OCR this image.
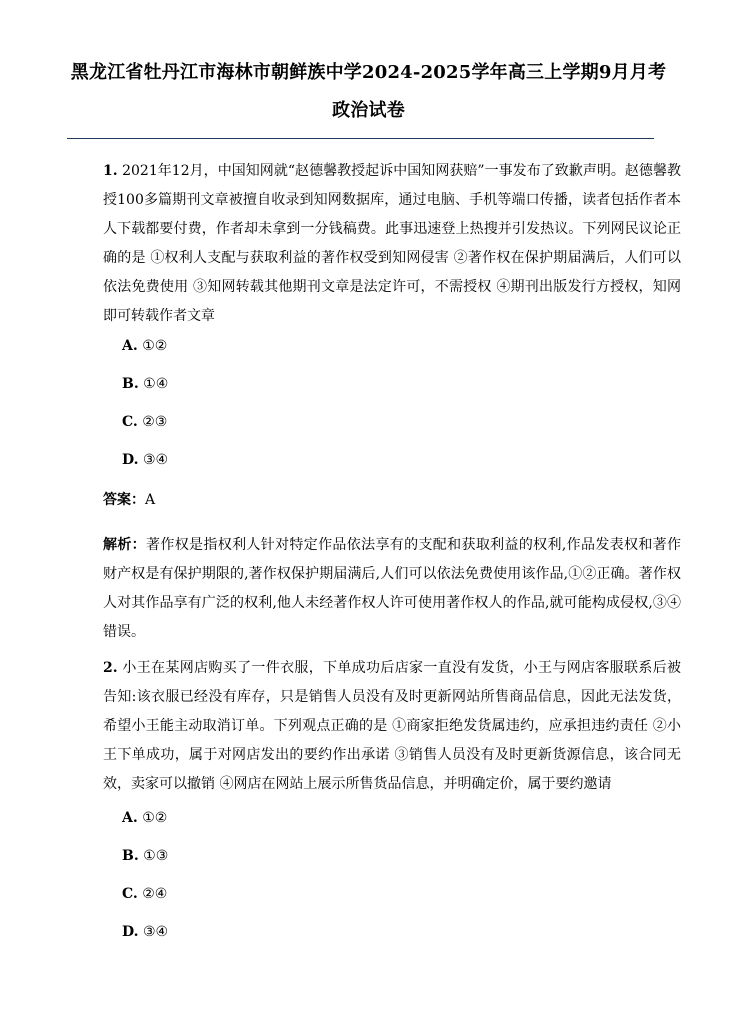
黑龙江省牡丹江市海林市朝鲜族中学2024-2025学年高三上学期9月月考
政治试卷
1. 2021年12月，中国知网就“赵德馨教授起诉中国知网获赔”一事发布了致歉声明。赵德馨教授100多篇期刊文章被擅自收录到知网数据库，通过电脑、手机等端口传播，读者包括作者本人下载都要付费，作者却未拿到一分钱稿费。此事迅速登上热搜并引发热议。下列网民议论正确的是 ①权利人支配与获取利益的著作权受到知网侵害 ②著作权在保护期届满后，人们可以依法免费使用 ③知网转载其他期刊文章是法定许可，不需授权 ④期刊出版发行方授权，知网即可转载作者文章
A. ①②
B. ①④
C. ②③
D. ③④
答案：A
解析：著作权是指权利人针对特定作品依法享有的支配和获取利益的权利,作品发表权和著作财产权是有保护期限的,著作权保护期届满后,人们可以依法免费使用该作品,①②正确。著作权人对其作品享有广泛的权利,他人未经著作权人许可使用著作权人的作品,就可能构成侵权,③④错误。
2. 小王在某网店购买了一件衣服，下单成功后店家一直没有发货，小王与网店客服联系后被告知:该衣服已经没有库存，只是销售人员没有及时更新网站所售商品信息，因此无法发货，希望小王能主动取消订单。下列观点正确的是 ①商家拒绝发货属违约，应承担违约责任 ②小王下单成功，属于对网店发出的要约作出承诺 ③销售人员没有及时更新货源信息，该合同无效，卖家可以撤销 ④网店在网站上展示所售货品信息，并明确定价，属于要约邀请
A. ①②
B. ①③
C. ②④
D. ③④
